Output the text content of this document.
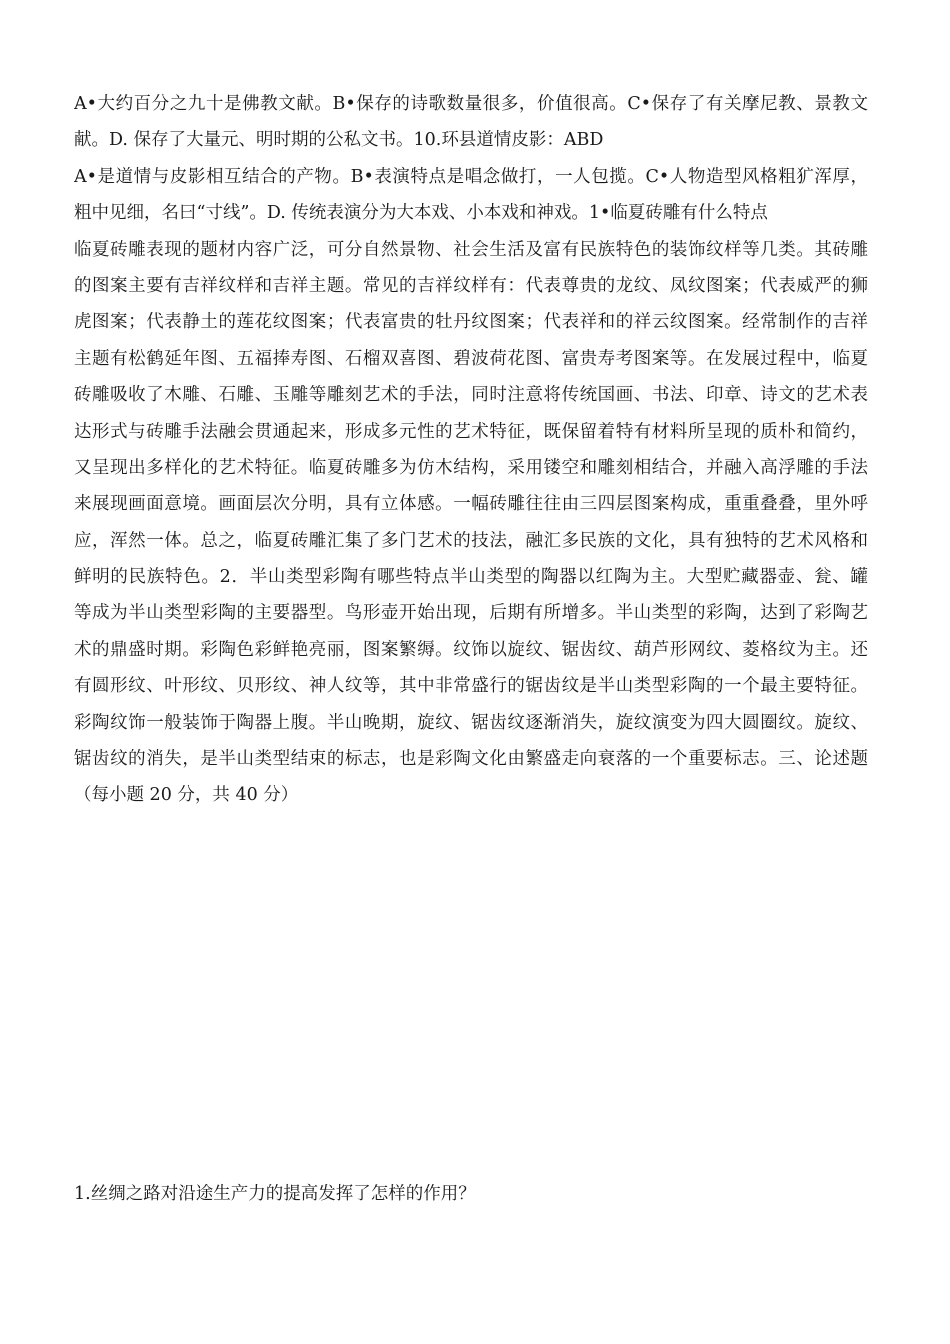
A•大约百分之九十是佛教文献。B•保存的诗歌数量很多，价值很高。C•保存了有关摩尼教、景教文
献。D. 保存了大量元、明时期的公私文书。10.环县道情皮影：ABD
A•是道情与皮影相互结合的产物。B•表演特点是唱念做打，一人包揽。C•人物造型风格粗犷浑厚，
粗中见细，名曰“寸线”。D. 传统表演分为大本戏、小本戏和神戏。1•临夏砖雕有什么特点
临夏砖雕表现的题材内容广泛，可分自然景物、社会生活及富有民族特色的装饰纹样等几类。其砖雕
的图案主要有吉祥纹样和吉祥主题。常见的吉祥纹样有：代表尊贵的龙纹、凤纹图案；代表威严的狮
虎图案；代表静土的莲花纹图案；代表富贵的牡丹纹图案；代表祥和的祥云纹图案。经常制作的吉祥
主题有松鹤延年图、五福捧寿图、石榴双喜图、碧波荷花图、富贵寿考图案等。在发展过程中，临夏
砖雕吸收了木雕、石雕、玉雕等雕刻艺术的手法，同时注意将传统国画、书法、印章、诗文的艺术表
达形式与砖雕手法融会贯通起来，形成多元性的艺术特征，既保留着特有材料所呈现的质朴和简约，
又呈现出多样化的艺术特征。临夏砖雕多为仿木结构，采用镂空和雕刻相结合，并融入高浮雕的手法
来展现画面意境。画面层次分明，具有立体感。一幅砖雕往往由三四层图案构成，重重叠叠，里外呼
应，浑然一体。总之，临夏砖雕汇集了多门艺术的技法，融汇多民族的文化，具有独特的艺术风格和
鲜明的民族特色。2．半山类型彩陶有哪些特点半山类型的陶器以红陶为主。大型贮藏器壶、瓮、罐
等成为半山类型彩陶的主要器型。鸟形壶开始出现，后期有所增多。半山类型的彩陶，达到了彩陶艺
术的鼎盛时期。彩陶色彩鲜艳亮丽，图案繁缛。纹饰以旋纹、锯齿纹、葫芦形网纹、菱格纹为主。还
有圆形纹、叶形纹、贝形纹、神人纹等，其中非常盛行的锯齿纹是半山类型彩陶的一个最主要特征。
彩陶纹饰一般装饰于陶器上腹。半山晚期，旋纹、锯齿纹逐渐消失，旋纹演变为四大圆圈纹。旋纹、
锯齿纹的消失，是半山类型结束的标志，也是彩陶文化由繁盛走向衰落的一个重要标志。三、论述题
（每小题 20 分，共 40 分）
1.丝绸之路对沿途生产力的提高发挥了怎样的作用？
